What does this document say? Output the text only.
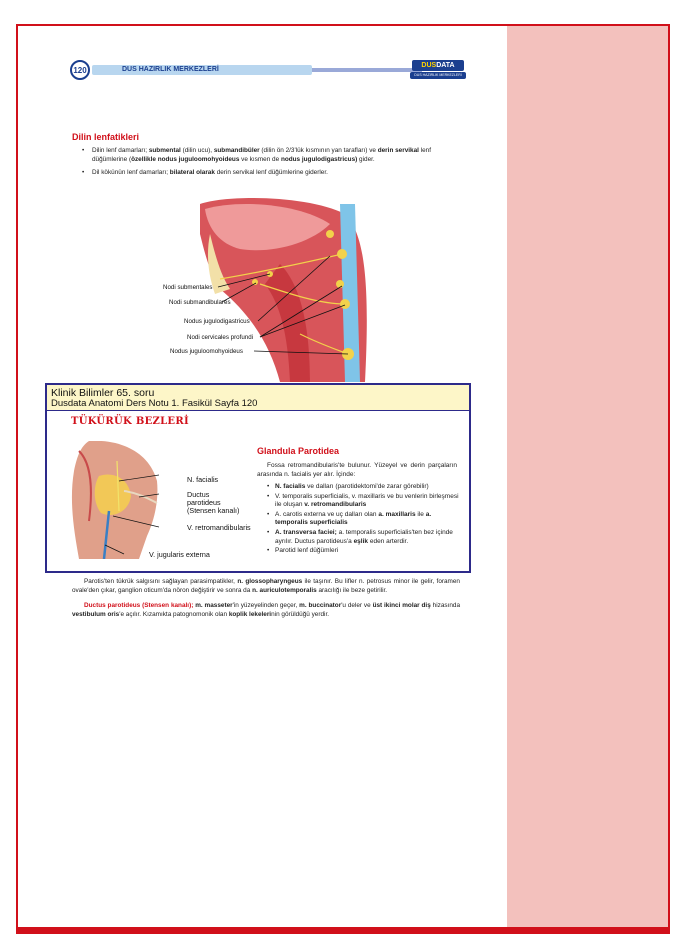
120	DUS HAZIRLIK MERKEZLERİ
DUSDATA
DUS HAZIRLIK MERKEZLERİ
Dilin lenfatikleri
• Dilin lenf damarları; submental (dilin ucu), submandibüler (dilin ön 2/3'lük kısmının yan tarafları) ve derin servikal lenf düğümlerine (özellikle nodus juguloomohyoideus ve kısmen de nodus jugulodigastricus) gider.
• Dil kökünün lenf damarları; bilateral olarak derin servikal lenf düğümlerine giderler.
Nodi submentales
Nodi submandibulares
Nodus jugulodigastricus
Nodi cervicales profundi
Nodus juguloomohyoideus
Klinik Bilimler 65. soru
Dusdata Anatomi Ders Notu 1. Fasikül Sayfa 120
TÜKÜRÜK BEZLERİ
N. facialis
Ductus
parotideus
(Stensen kanalı)
V. retromandibularis
V. jugularis externa
Glandula Parotidea
Fossa retromandibularis'te bulunur. Yüzeyel ve derin parçaların arasında n. facialis yer alır. İçinde:
• N. facialis ve dalları (parotidektomi'de zarar görebilir)
• V. temporalis superficialis, v. maxillaris ve bu venlerin birleşmesi ile oluşan v. retromandibularis
• A. carotis externa ve uç dalları olan a. maxillaris ile a. temporalis superficialis
• A. transversa faciei; a. temporalis superficialis'ten bez içinde ayrılır. Ductus parotideus'a eşlik eden arterdir.
• Parotid lenf düğümleri
Parotis'ten tükrük salgısını sağlayan parasimpatikler, n. glossopharyngeus ile taşınır. Bu lifler n. petrosus minor ile gelir, foramen ovale'den çıkar, ganglion oticum'da nöron değiştirir ve sonra da n. auriculotemporalis aracılığı ile beze getirilir.
Ductus parotideus (Stensen kanalı); m. masseter'in yüzeyelinden geçer, m. buccinator'u deler ve üst ikinci molar diş hizasında vestibulum oris'e açılır. Kızamıkta patognomonik olan koplik lekelerinin görüldüğü yerdir.
